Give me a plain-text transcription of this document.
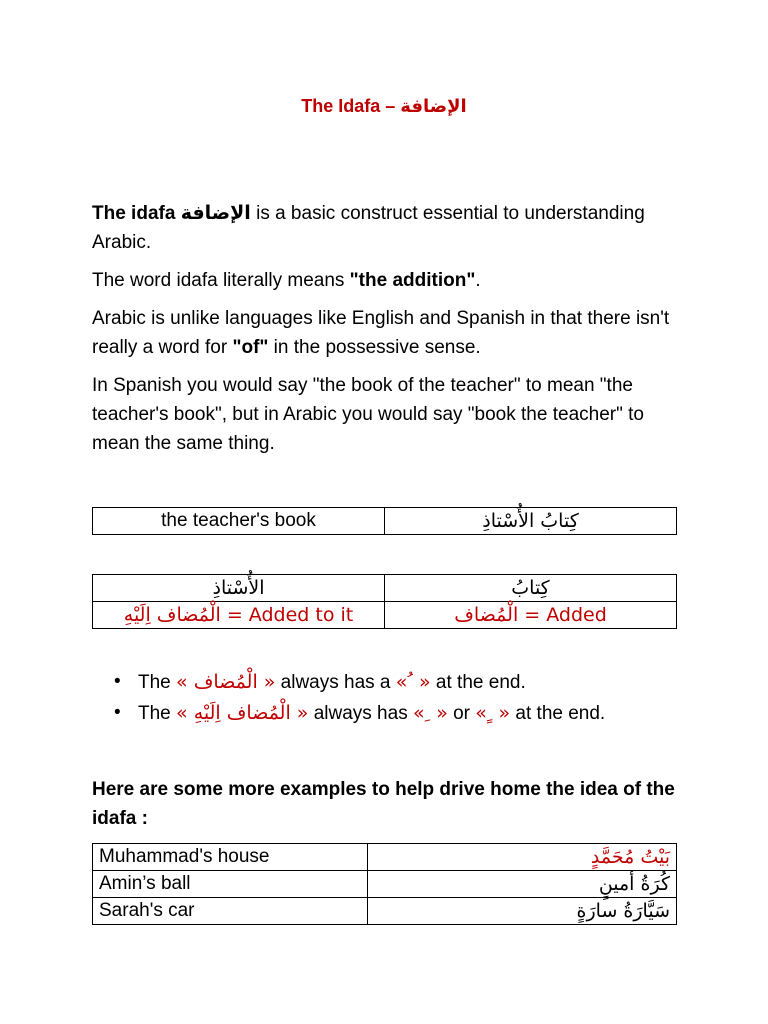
The Idafa – الإضافة
The idafa الإضافة is a basic construct essential to understanding Arabic.
The word idafa literally means "the addition".
Arabic is unlike languages like English and Spanish in that there isn't really a word for "of" in the possessive sense.
In Spanish you would say "the book of the teacher" to mean "the teacher's book", but in Arabic you would say "book the teacher" to mean the same thing.
the teacher's book	كِتابُ الأُسْتاذِ
الأُسْتاذِ	كِتابُ
الْمُضاف اِلَيْهِ = Added to it	الْمُضاف = Added
• The « الْمُضاف » always has a « ُ » at the end.
• The « الْمُضاف اِلَيْهِ » always has « ِ » or « ٍ » at the end.
Here are some more examples to help drive home the idea of the idafa :
Muhammad's house	بَيْتُ مُحَمَّدٍ
Amin’s ball	كُرَةُ أمينٍ
Sarah's car	سَيَّارَةُ سارَةٍ
